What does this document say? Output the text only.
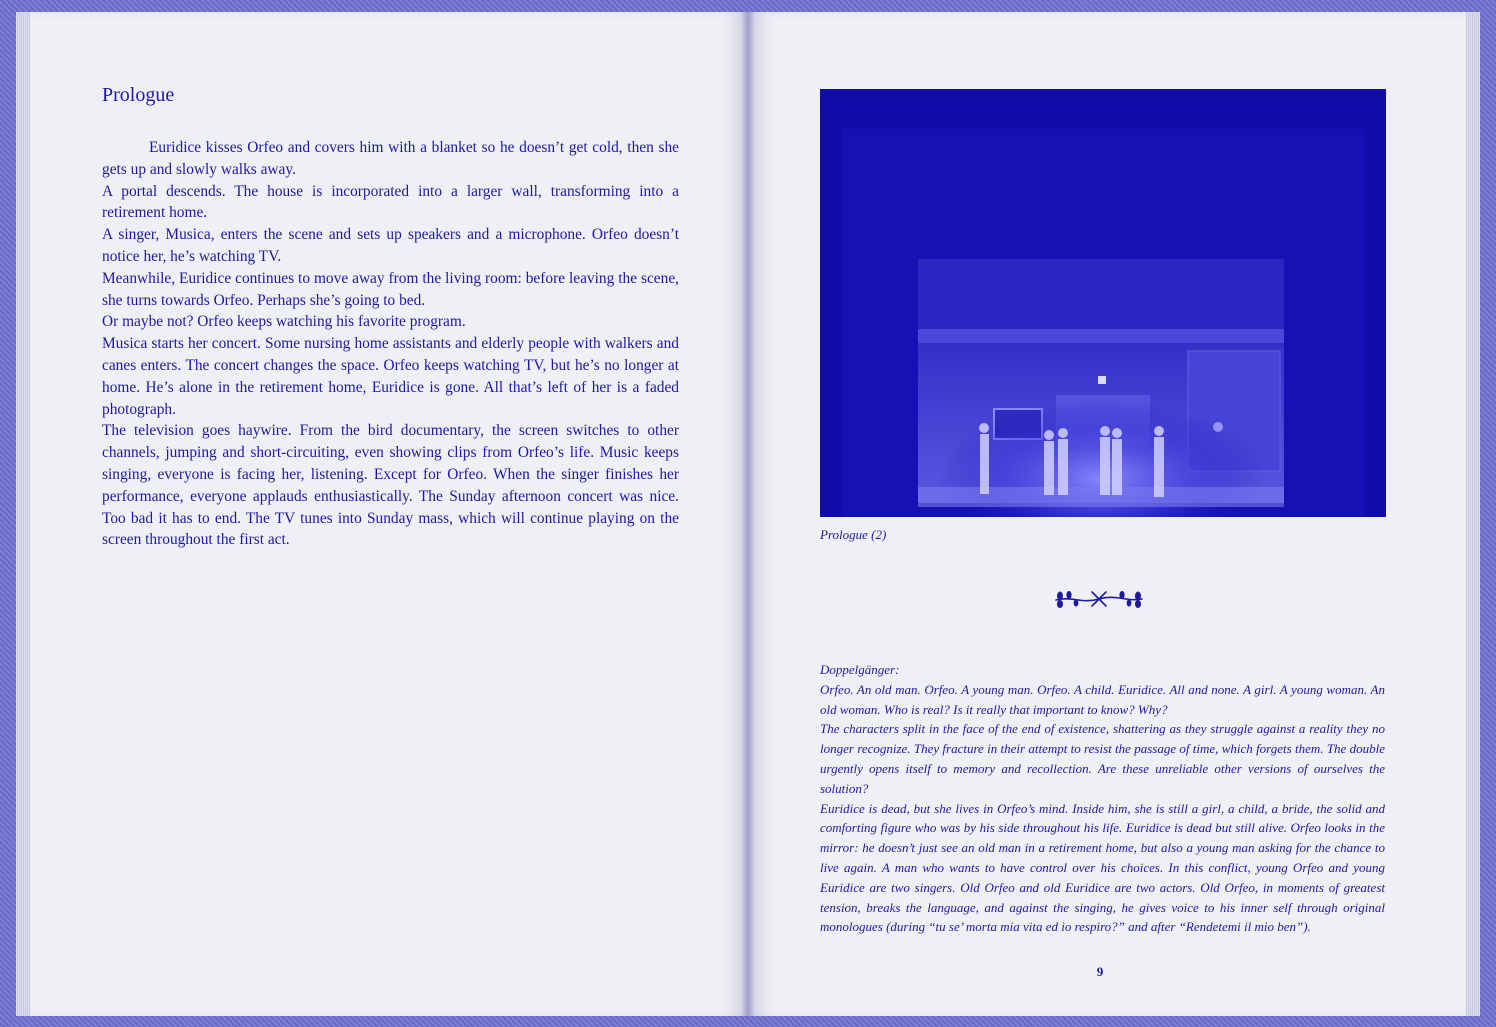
Prologue

Euridice kisses Orfeo and covers him with a blanket so he doesn’t get cold, then she gets up and slowly walks away.

A portal descends. The house is incorporated into a larger wall, transforming into a retirement home.

A singer, Musica, enters the scene and sets up speakers and a microphone. Orfeo doesn’t notice her, he’s watching TV.

Meanwhile, Euridice continues to move away from the living room: before leaving the scene, she turns towards Orfeo. Perhaps she’s going to bed.

Or maybe not? Orfeo keeps watching his favorite program.

Musica starts her concert. Some nursing home assistants and elderly people with walkers and canes enters. The concert changes the space. Orfeo keeps watching TV, but he’s no longer at home. He’s alone in the retirement home, Euridice is gone. All that’s left of her is a faded photograph.

The television goes haywire. From the bird documentary, the screen switches to other channels, jumping and short-circuiting, even showing clips from Orfeo’s life. Music keeps singing, everyone is facing her, listening. Except for Orfeo. When the singer finishes her performance, everyone applauds enthusiastically. The Sunday afternoon concert was nice. Too bad it has to end. The TV tunes into Sunday mass, which will continue playing on the screen throughout the first act.	Prologue (2)

Doppelgänger:

Orfeo. An old man. Orfeo. A young man. Orfeo. A child. Euridice. All and none. A girl. A young woman. An old woman. Who is real? Is it really that important to know? Why?

The characters split in the face of the end of existence, shattering as they struggle against a reality they no longer recognize. They fracture in their attempt to resist the passage of time, which forgets them. The double urgently opens itself to memory and recollection. Are these unreliable other versions of ourselves the solution?

Euridice is dead, but she lives in Orfeo’s mind. Inside him, she is still a girl, a child, a bride, the solid and comforting figure who was by his side throughout his life. Euridice is dead but still alive. Orfeo looks in the mirror: he doesn’t just see an old man in a retirement home, but also a young man asking for the chance to live again. A man who wants to have control over his choices. In this conflict, young Orfeo and young Euridice are two singers. Old Orfeo and old Euridice are two actors. Old Orfeo, in moments of greatest tension, breaks the language, and against the singing, he gives voice to his inner self through original monologues (during “tu se’ morta mia vita ed io respiro?” and after “Rendetemi il mio ben”).

9
